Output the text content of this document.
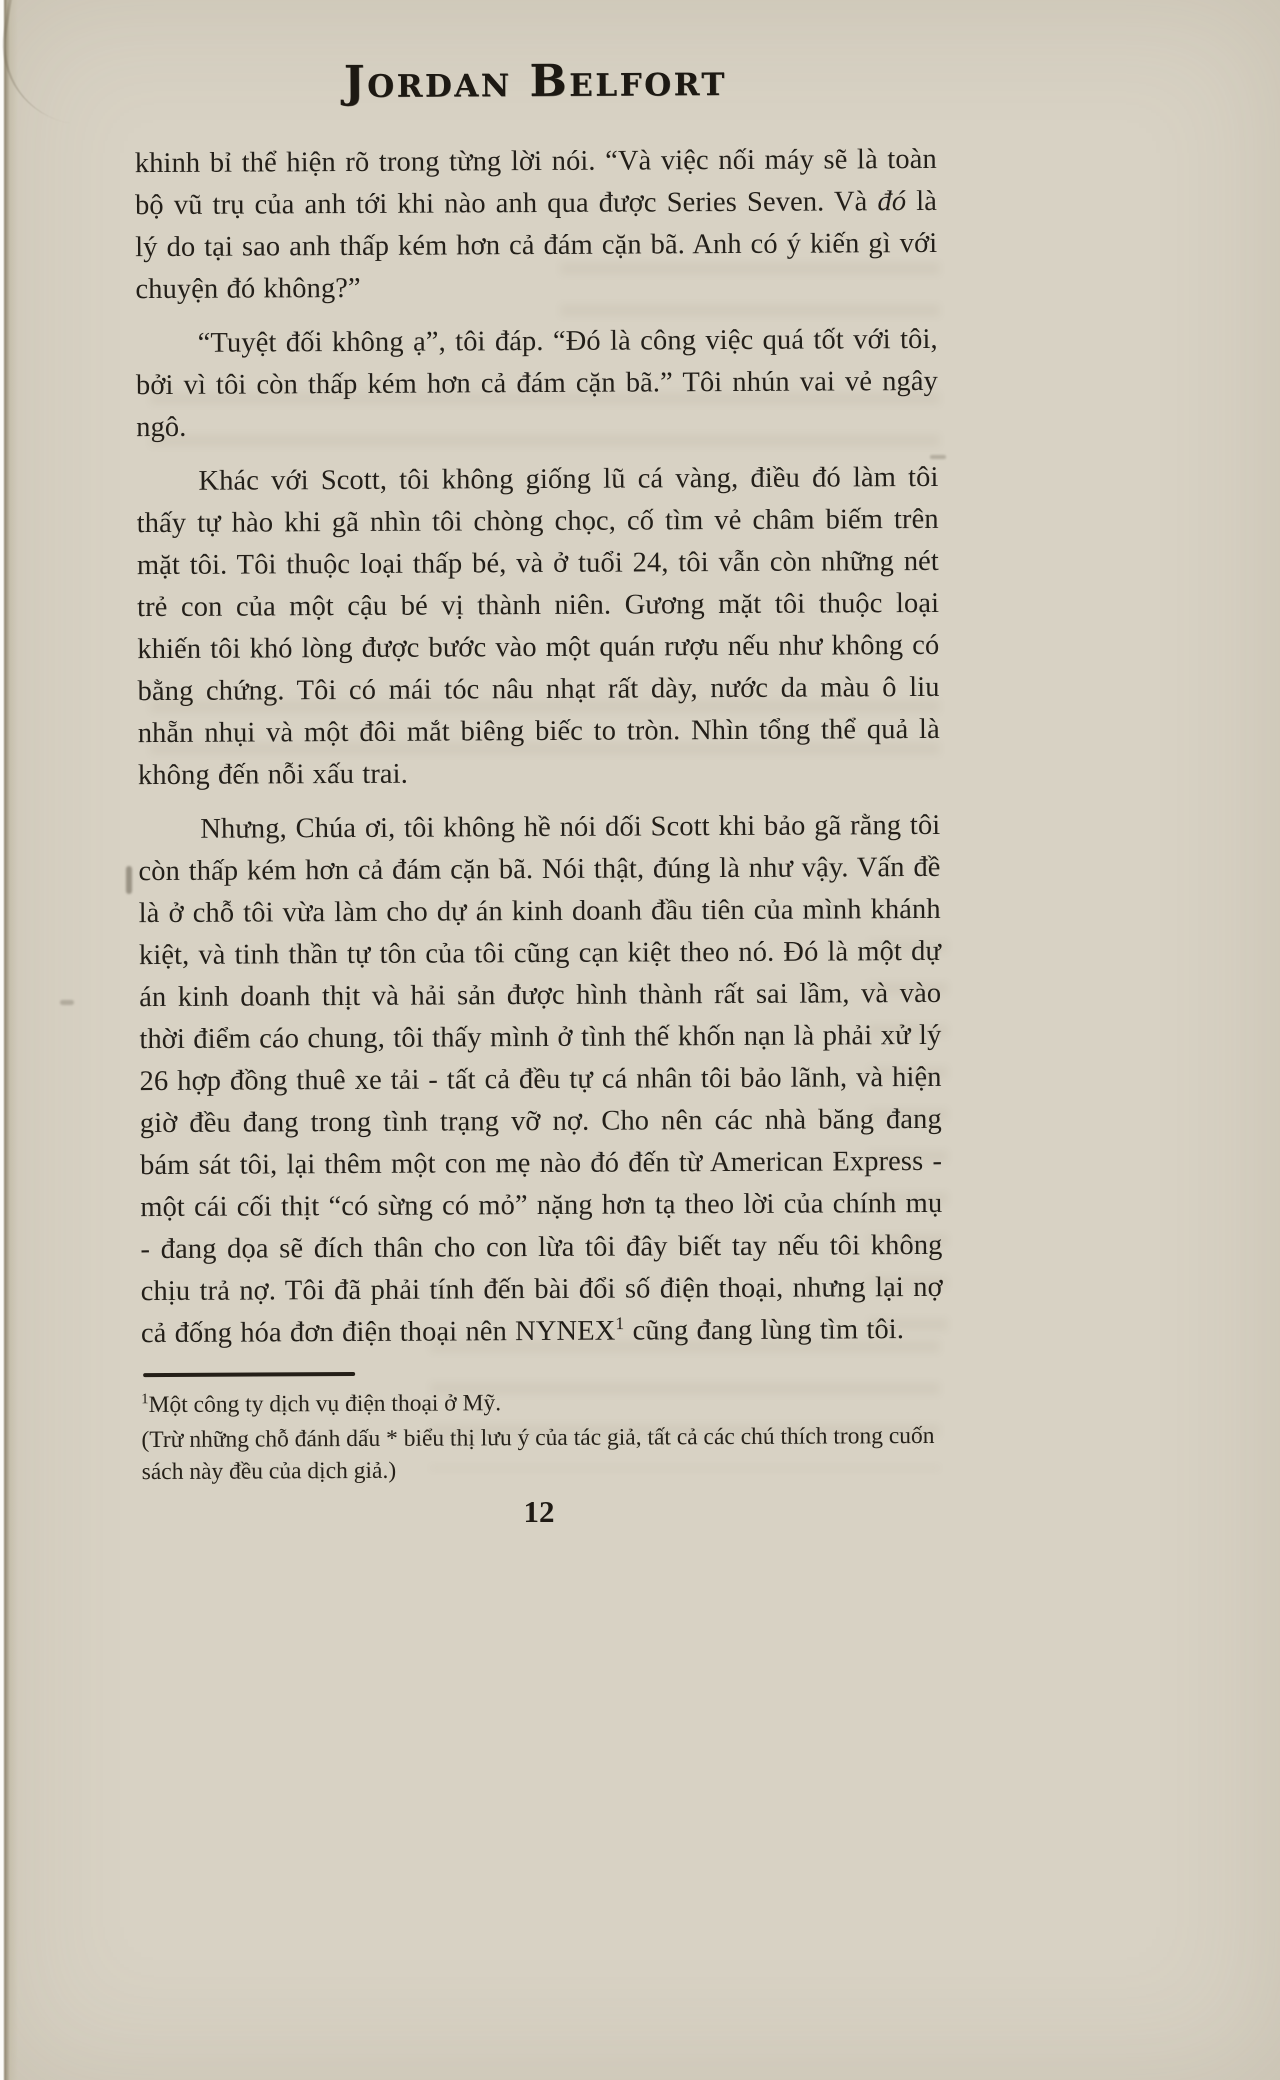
Jordan Belfort

khinh bỉ thể hiện rõ trong từng lời nói. “Và việc nối máy sẽ là toàn bộ vũ trụ của anh tới khi nào anh qua được Series Seven. Và đó là lý do tại sao anh thấp kém hơn cả đám cặn bã. Anh có ý kiến gì với chuyện đó không?”

“Tuyệt đối không ạ”, tôi đáp. “Đó là công việc quá tốt với tôi, bởi vì tôi còn thấp kém hơn cả đám cặn bã.” Tôi nhún vai vẻ ngây ngô.

Khác với Scott, tôi không giống lũ cá vàng, điều đó làm tôi thấy tự hào khi gã nhìn tôi chòng chọc, cố tìm vẻ châm biếm trên mặt tôi. Tôi thuộc loại thấp bé, và ở tuổi 24, tôi vẫn còn những nét trẻ con của một cậu bé vị thành niên. Gương mặt tôi thuộc loại khiến tôi khó lòng được bước vào một quán rượu nếu như không có bằng chứng. Tôi có mái tóc nâu nhạt rất dày, nước da màu ô liu nhẵn nhụi và một đôi mắt biêng biếc to tròn. Nhìn tổng thể quả là không đến nỗi xấu trai.

Nhưng, Chúa ơi, tôi không hề nói dối Scott khi bảo gã rằng tôi còn thấp kém hơn cả đám cặn bã. Nói thật, đúng là như vậy. Vấn đề là ở chỗ tôi vừa làm cho dự án kinh doanh đầu tiên của mình khánh kiệt, và tinh thần tự tôn của tôi cũng cạn kiệt theo nó. Đó là một dự án kinh doanh thịt và hải sản được hình thành rất sai lầm, và vào thời điểm cáo chung, tôi thấy mình ở tình thế khốn nạn là phải xử lý 26 hợp đồng thuê xe tải - tất cả đều tự cá nhân tôi bảo lãnh, và hiện giờ đều đang trong tình trạng vỡ nợ. Cho nên các nhà băng đang bám sát tôi, lại thêm một con mẹ nào đó đến từ American Express - một cái cối thịt “có sừng có mỏ” nặng hơn tạ theo lời của chính mụ - đang dọa sẽ đích thân cho con lừa tôi đây biết tay nếu tôi không chịu trả nợ. Tôi đã phải tính đến bài đổi số điện thoại, nhưng lại nợ cả đống hóa đơn điện thoại nên NYNEX$^1$ cũng đang lùng tìm tôi.

$^1$Một công ty dịch vụ điện thoại ở Mỹ.

(Trừ những chỗ đánh dấu * biểu thị lưu ý của tác giả, tất cả các chú thích trong cuốn sách này đều của dịch giả.)

12
